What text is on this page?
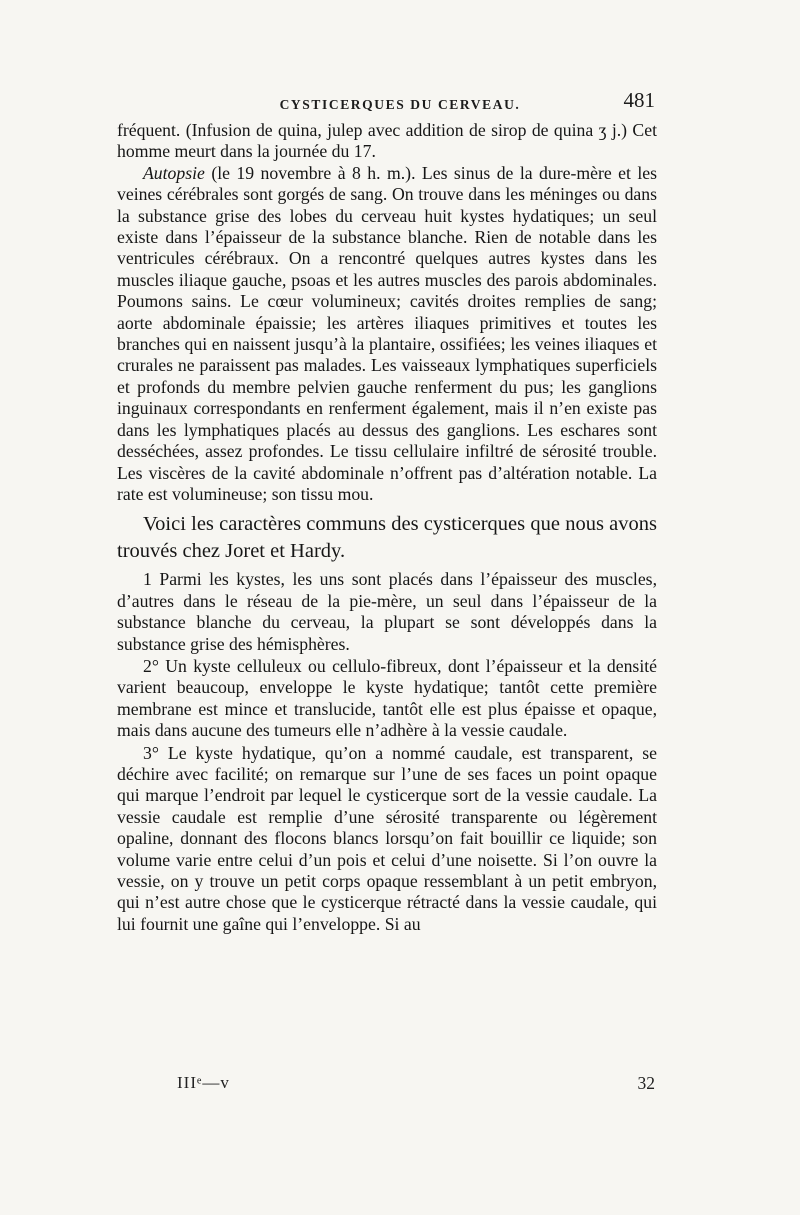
CYSTICERQUES DU CERVEAU.	481

fréquent. (Infusion de quina, julep avec addition de sirop de quina ʒ j.) Cet homme meurt dans la journée du 17.

Autopsie (le 19 novembre à 8 h. m.). Les sinus de la dure-mère et les veines cérébrales sont gorgés de sang. On trouve dans les méninges ou dans la substance grise des lobes du cerveau huit kystes hydatiques; un seul existe dans l’épaisseur de la substance blanche. Rien de notable dans les ventricules cérébraux. On a rencontré quelques autres kystes dans les muscles iliaque gauche, psoas et les autres muscles des parois abdominales. Poumons sains. Le cœur volumineux; cavités droites remplies de sang; aorte abdominale épaissie; les artères iliaques primitives et toutes les branches qui en naissent jusqu’à la plantaire, ossifiées; les veines iliaques et crurales ne paraissent pas malades. Les vaisseaux lymphatiques superficiels et profonds du membre pelvien gauche renferment du pus; les ganglions inguinaux correspondants en renferment également, mais il n’en existe pas dans les lymphatiques placés au dessus des ganglions. Les eschares sont desséchées, assez profondes. Le tissu cellulaire infiltré de sérosité trouble. Les viscères de la cavité abdominale n’offrent pas d’altération notable. La rate est volumineuse; son tissu mou.

Voici les caractères communs des cysticerques que nous avons trouvés chez Joret et Hardy.

1 Parmi les kystes, les uns sont placés dans l’épaisseur des muscles, d’autres dans le réseau de la pie-mère, un seul dans l’épaisseur de la substance blanche du cerveau, la plupart se sont développés dans la substance grise des hémisphères.

2° Un kyste celluleux ou cellulo-fibreux, dont l’épaisseur et la densité varient beaucoup, enveloppe le kyste hydatique; tantôt cette première membrane est mince et translucide, tantôt elle est plus épaisse et opaque, mais dans aucune des tumeurs elle n’adhère à la vessie caudale.

3° Le kyste hydatique, qu’on a nommé caudale, est transparent, se déchire avec facilité; on remarque sur l’une de ses faces un point opaque qui marque l’endroit par lequel le cysticerque sort de la vessie caudale. La vessie caudale est remplie d’une sérosité transparente ou légèrement opaline, donnant des flocons blancs lorsqu’on fait bouillir ce liquide; son volume varie entre celui d’un pois et celui d’une noisette. Si l’on ouvre la vessie, on y trouve un petit corps opaque ressemblant à un petit embryon, qui n’est autre chose que le cysticerque rétracté dans la vessie caudale, qui lui fournit une gaîne qui l’enveloppe. Si au

IIIᵉ—v	32
